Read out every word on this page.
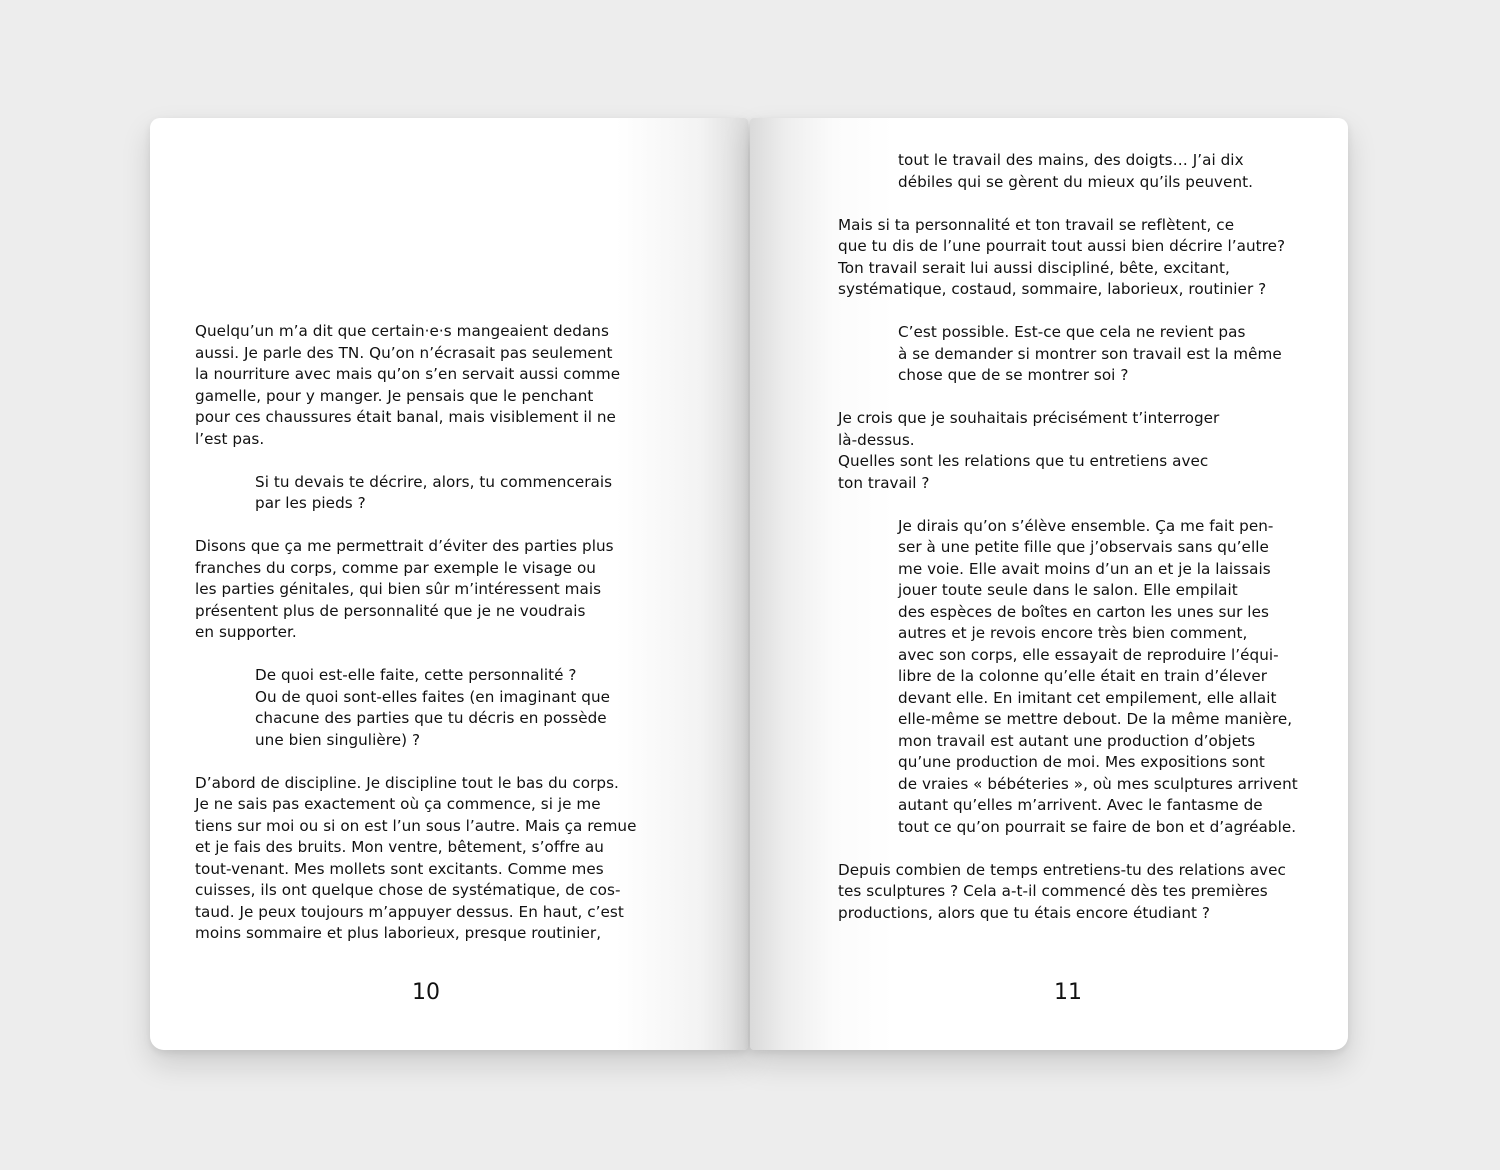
Quelqu’un m’a dit que certain·e·s mangeaient dedans
aussi. Je parle des TN. Qu’on n’écrasait pas seulement
la nourriture avec mais qu’on s’en servait aussi comme
gamelle, pour y manger. Je pensais que le penchant
pour ces chaussures était banal, mais visiblement il ne
l’est pas.

Si tu devais te décrire, alors, tu commencerais
par les pieds ?

Disons que ça me permettrait d’éviter des parties plus
franches du corps, comme par exemple le visage ou
les parties génitales, qui bien sûr m’intéressent mais
présentent plus de personnalité que je ne voudrais
en supporter.

De quoi est-elle faite, cette personnalité ?
Ou de quoi sont-elles faites (en imaginant que
chacune des parties que tu décris en possède
une bien singulière) ?

D’abord de discipline. Je discipline tout le bas du corps.
Je ne sais pas exactement où ça commence, si je me
tiens sur moi ou si on est l’un sous l’autre. Mais ça remue
et je fais des bruits. Mon ventre, bêtement, s’offre au
tout-venant. Mes mollets sont excitants. Comme mes
cuisses, ils ont quelque chose de systématique, de cos-
taud. Je peux toujours m’appuyer dessus. En haut, c’est
moins sommaire et plus laborieux, presque routinier,

10

tout le travail des mains, des doigts… J’ai dix
débiles qui se gèrent du mieux qu’ils peuvent.

Mais si ta personnalité et ton travail se reflètent, ce
que tu dis de l’une pourrait tout aussi bien décrire l’autre?
Ton travail serait lui aussi discipliné, bête, excitant,
systématique, costaud, sommaire, laborieux, routinier ?

C’est possible. Est-ce que cela ne revient pas
à se demander si montrer son travail est la même
chose que de se montrer soi ?

Je crois que je souhaitais précisément t’interroger
là-dessus.
Quelles sont les relations que tu entretiens avec
ton travail ?

Je dirais qu’on s’élève ensemble. Ça me fait pen-
ser à une petite fille que j’observais sans qu’elle
me voie. Elle avait moins d’un an et je la laissais
jouer toute seule dans le salon. Elle empilait
des espèces de boîtes en carton les unes sur les
autres et je revois encore très bien comment,
avec son corps, elle essayait de reproduire l’équi-
libre de la colonne qu’elle était en train d’élever
devant elle. En imitant cet empilement, elle allait
elle-même se mettre debout. De la même manière,
mon travail est autant une production d’objets
qu’une production de moi. Mes expositions sont
de vraies « bébéteries », où mes sculptures arrivent
autant qu’elles m’arrivent. Avec le fantasme de
tout ce qu’on pourrait se faire de bon et d’agréable.

Depuis combien de temps entretiens-tu des relations avec
tes sculptures ? Cela a-t-il commencé dès tes premières
productions, alors que tu étais encore étudiant ?

11
